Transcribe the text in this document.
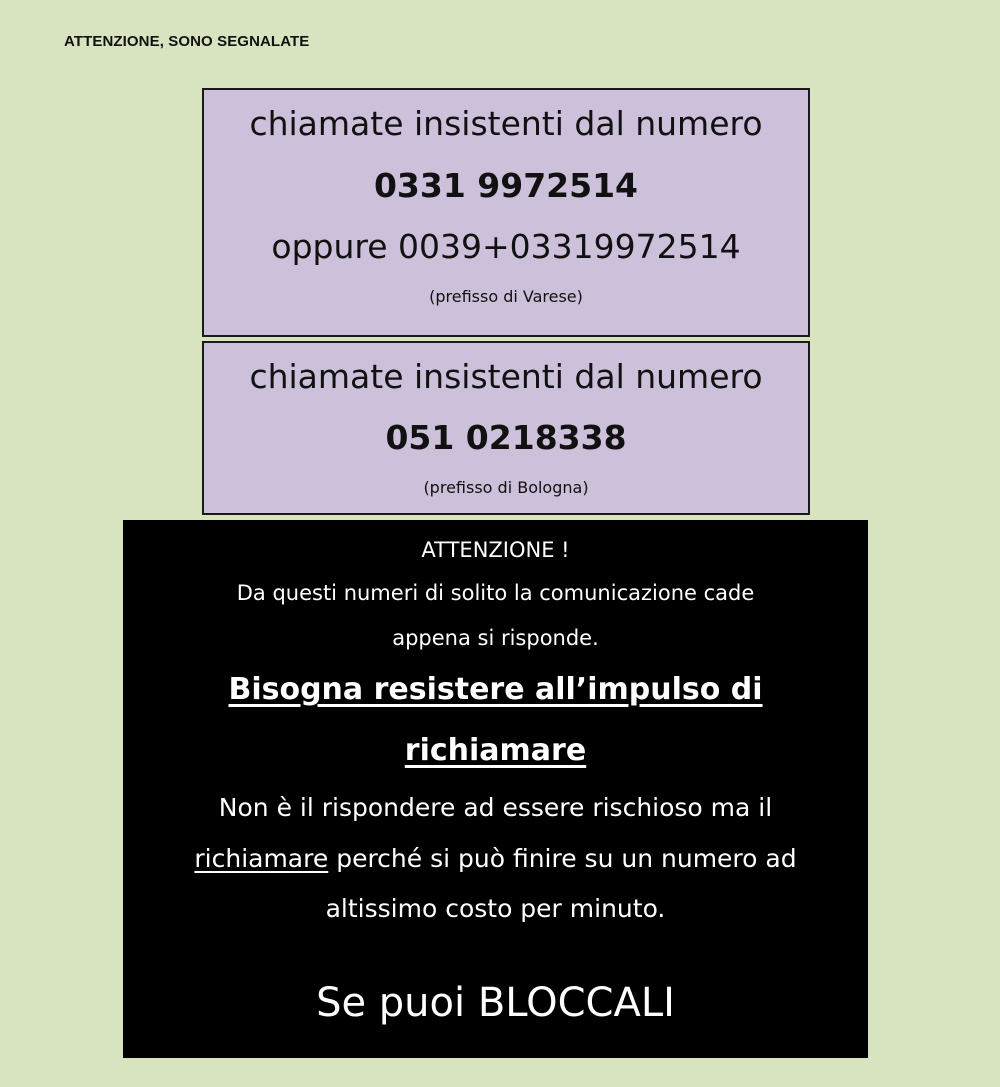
ATTENZIONE, SONO SEGNALATE
chiamate insistenti dal numero
0331 9972514
oppure 0039+03319972514
(prefisso di Varese)
chiamate insistenti dal numero
051 0218338
(prefisso di Bologna)
ATTENZIONE !
Da questi numeri di solito la comunicazione cade
appena si risponde.
Bisogna resistere all’impulso di
richiamare
Non è il rispondere ad essere rischioso ma il
richiamare perché si può finire su un numero ad
altissimo costo per minuto.
Se puoi BLOCCALI
